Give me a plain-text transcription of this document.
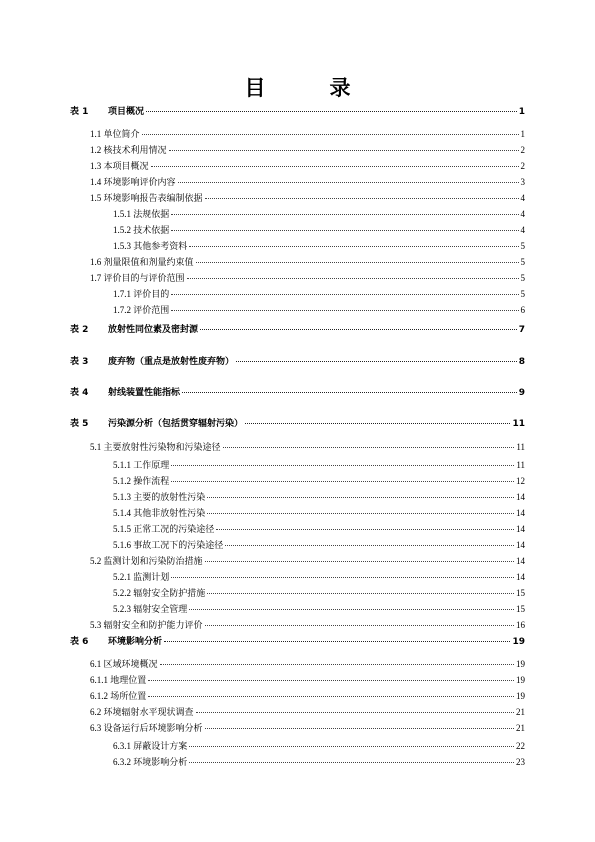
目	录
表 1 项目概况	1
1.1 单位简介	1
1.2 核技术利用情况	2
1.3 本项目概况	2
1.4 环境影响评价内容	3
1.5 环境影响报告表编制依据	4
1.5.1 法规依据	4
1.5.2 技术依据	4
1.5.3 其他参考资料	5
1.6 剂量限值和剂量约束值	5
1.7 评价目的与评价范围	5
1.7.1 评价目的	5
1.7.2 评价范围	6
表 2 放射性同位素及密封源	7
表 3 废弃物（重点是放射性废弃物）	8
表 4 射线装置性能指标	9
表 5 污染源分析（包括贯穿辐射污染）	11
5.1 主要放射性污染物和污染途径	11
5.1.1 工作原理	11
5.1.2 操作流程	12
5.1.3 主要的放射性污染	14
5.1.4 其他非放射性污染	14
5.1.5 正常工况的污染途径	14
5.1.6 事故工况下的污染途径	14
5.2 监测计划和污染防治措施	14
5.2.1 监测计划	14
5.2.2 辐射安全防护措施	15
5.2.3 辐射安全管理	15
5.3 辐射安全和防护能力评价	16
表 6 环境影响分析	19
6.1 区域环境概况	19
6.1.1 地理位置	19
6.1.2 场所位置	19
6.2 环境辐射水平现状调查	21
6.3 设备运行后环境影响分析	21
6.3.1 屏蔽设计方案	22
6.3.2 环境影响分析	23
